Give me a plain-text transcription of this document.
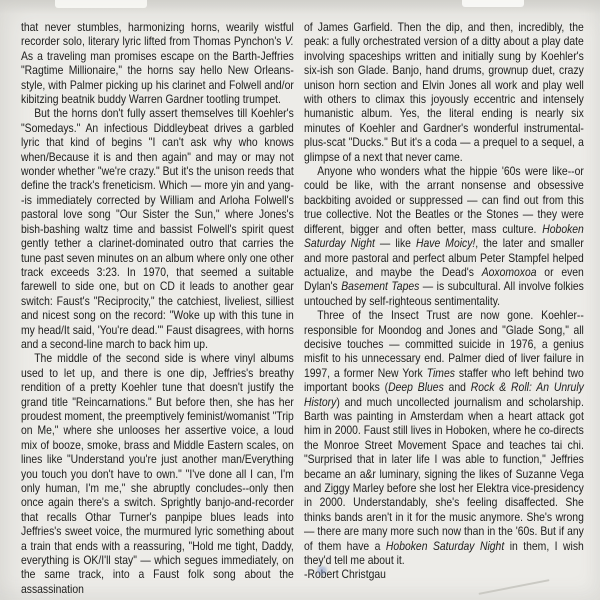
that never stumbles, harmonizing horns, wearily wistful recorder solo, literary lyric lifted from Thomas Pynchon's V. As a traveling man promises escape on the Barth-Jeffries "Ragtime Millionaire," the horns say hello New Orleans-style, with Palmer picking up his clarinet and Folwell and/or kibitzing beatnik buddy Warren Gardner tootling trumpet.

But the horns don't fully assert themselves till Koehler's "Somedays." An infectious Diddleybeat drives a garbled lyric that kind of begins "I can't ask why who knows when/Because it is and then again" and may or may not wonder whether "we're crazy." But it's the unison reeds that define the track's freneticism. Which — more yin and yang--is immediately corrected by William and Arloha Folwell's pastoral love song "Our Sister the Sun," where Jones's bish-bashing waltz time and bassist Folwell's spirit quest gently tether a clarinet-dominated outro that carries the tune past seven minutes on an album where only one other track exceeds 3:23. In 1970, that seemed a suitable farewell to side one, but on CD it leads to another gear switch: Faust's "Reciprocity," the catchiest, liveliest, silliest and nicest song on the record: "Woke up with this tune in my head/It said, 'You're dead.'" Faust disagrees, with horns and a second-line march to back him up.

The middle of the second side is where vinyl albums used to let up, and there is one dip, Jeffries's breathy rendition of a pretty Koehler tune that doesn't justify the grand title "Reincarnations." But before then, she has her proudest moment, the preemptively feminist/womanist "Trip on Me," where she unlooses her assertive voice, a loud mix of booze, smoke, brass and Middle Eastern scales, on lines like "Understand you're just another man/Everything you touch you don't have to own." "I've done all I can, I'm only human, I'm me," she abruptly concludes--only then once again there's a switch. Sprightly banjo-and-recorder that recalls Othar Turner's panpipe blues leads into Jeffries's sweet voice, the murmured lyric something about a train that ends with a reassuring, "Hold me tight, Daddy, everything is OK/I'll stay" — which segues immediately, on the same track, into a Faust folk song about the assassination

of James Garfield. Then the dip, and then, incredibly, the peak: a fully orchestrated version of a ditty about a play date involving spaceships written and initially sung by Koehler's six-ish son Glade. Banjo, hand drums, grownup duet, crazy unison horn section and Elvin Jones all work and play well with others to climax this joyously eccentric and intensely humanistic album. Yes, the literal ending is nearly six minutes of Koehler and Gardner's wonderful instrumental-plus-scat "Ducks." But it's a coda — a prequel to a sequel, a glimpse of a next that never came.

Anyone who wonders what the hippie '60s were like--or could be like, with the arrant nonsense and obsessive backbiting avoided or suppressed — can find out from this true collective. Not the Beatles or the Stones — they were different, bigger and often better, mass culture. Hoboken Saturday Night — like Have Moicy!, the later and smaller and more pastoral and perfect album Peter Stampfel helped actualize, and maybe the Dead's Aoxomoxoa or even Dylan's Basement Tapes — is subcultural. All involve folkies untouched by self-righteous sentimentality.

Three of the Insect Trust are now gone. Koehler--responsible for Moondog and Jones and "Glade Song," all decisive touches — committed suicide in 1976, a genius misfit to his unnecessary end. Palmer died of liver failure in 1997, a former New York Times staffer who left behind two important books (Deep Blues and Rock & Roll: An Unruly History) and much uncollected journalism and scholarship. Barth was painting in Amsterdam when a heart attack got him in 2000. Faust still lives in Hoboken, where he co-directs the Monroe Street Movement Space and teaches tai chi. "Surprised that in later life I was able to function," Jeffries became an a&r luminary, signing the likes of Suzanne Vega and Ziggy Marley before she lost her Elektra vice-presidency in 2000. Understandably, she's feeling disaffected. She thinks bands aren't in it for the music anymore. She's wrong — there are many more such now than in the '60s. But if any of them have a Hoboken Saturday Night in them, I wish they'd tell me about it.

-Robert Christgau
